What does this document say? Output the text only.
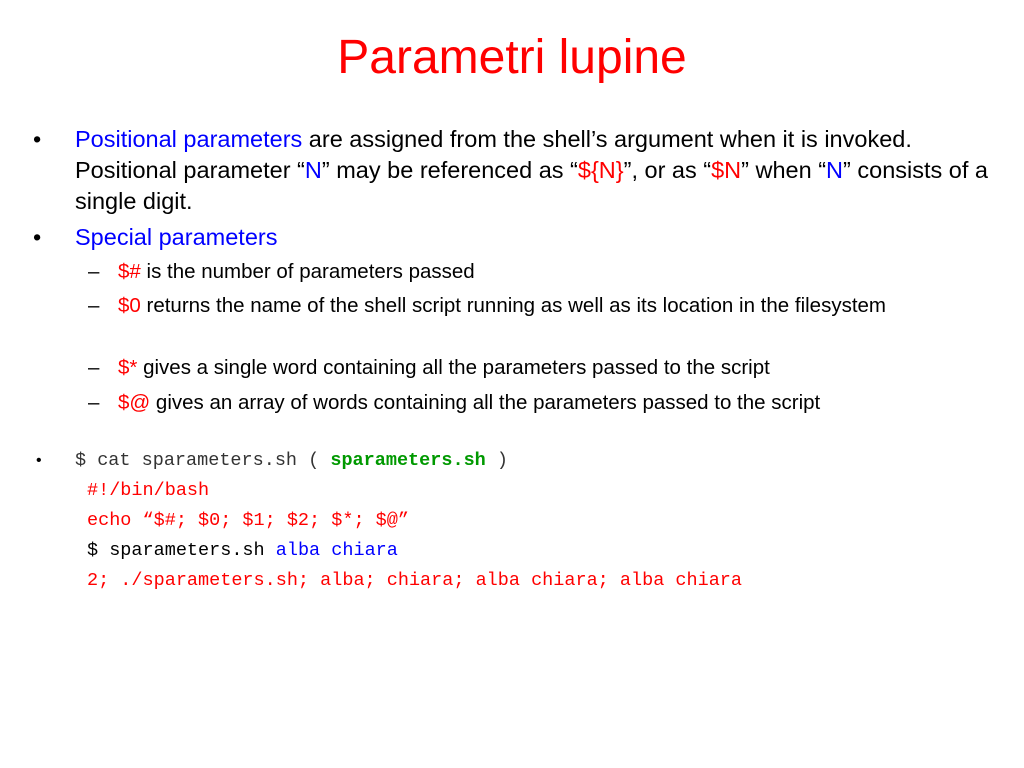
Parametri lupine
• Positional parameters are assigned from the shell’s argument when it is invoked. Positional parameter “N” may be referenced as “${N}”, or as “$N” when “N” consists of a single digit.
• Special parameters
– $# is the number of parameters passed
– $0 returns the name of the shell script running as well as its location in the filesystem
– $* gives a single word containing all the parameters passed to the script
– $@ gives an array of words containing all the parameters passed to the script
• $ cat sparameters.sh ( sparameters.sh )
#!/bin/bash
echo “$#; $0; $1; $2; $*; $@”
$ sparameters.sh alba chiara
2; ./sparameters.sh; alba; chiara; alba chiara; alba chiara
